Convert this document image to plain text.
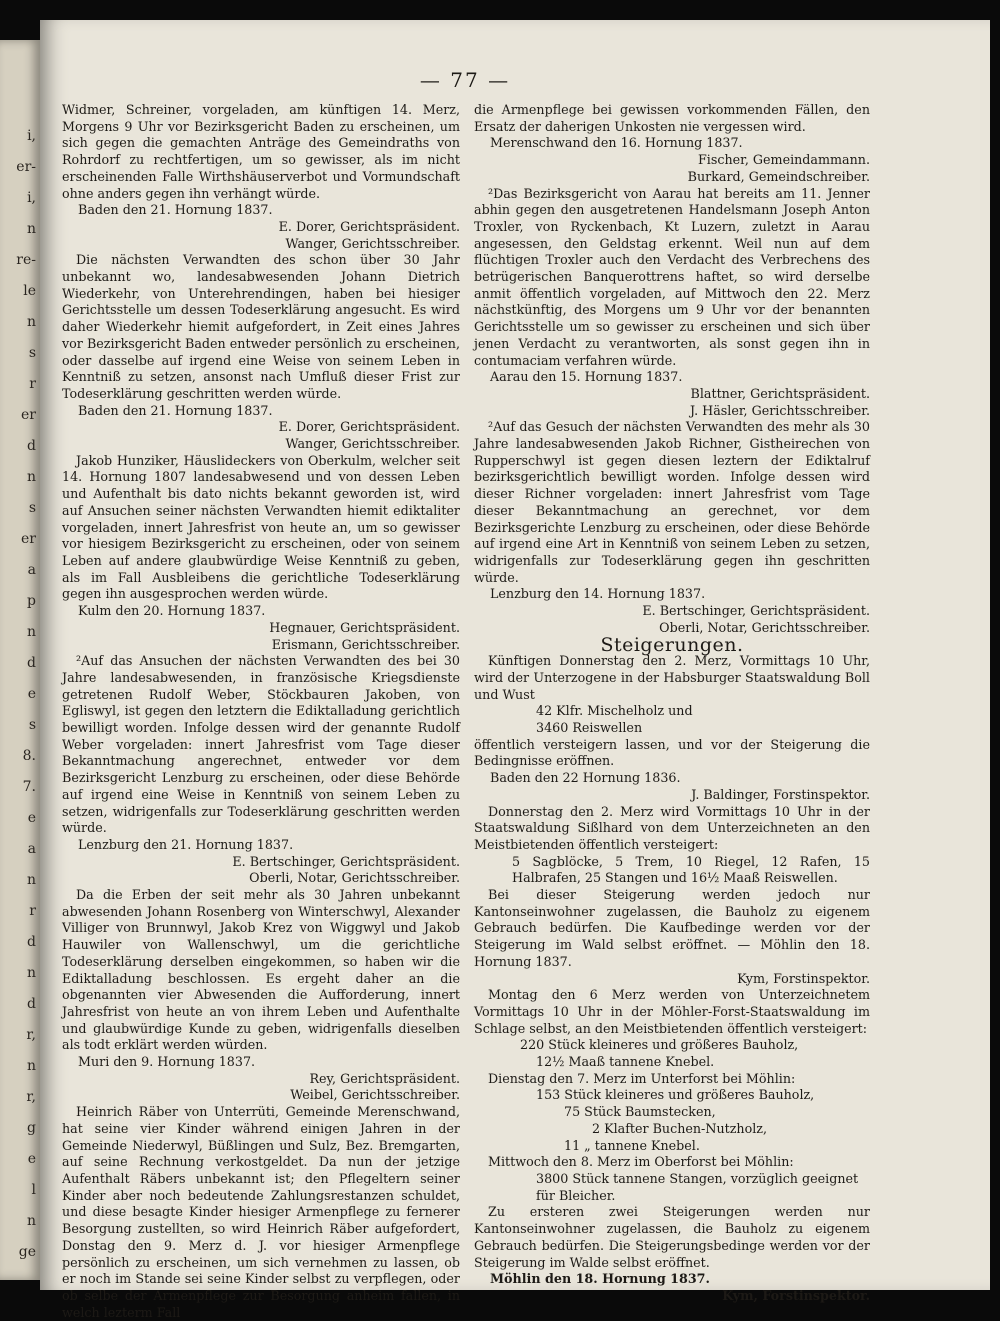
i,
er-
i,
n
re-
le
n
s
r
er
d
n
s
er
a
p
n
d
e
s
8.
7.
e
a
n
r
d
n
d
r,
n
r,
g
e
l
n
ge
— 77 —

Widmer, Schreiner, vorgeladen, am künftigen 14. Merz, Morgens 9 Uhr vor Bezirksgericht Baden zu erscheinen, um sich gegen die gemachten Anträge des Gemeindraths von Rohrdorf zu rechtfertigen, um so gewisser, als im nicht erscheinenden Falle Wirthshäuserverbot und Vormundschaft ohne anders gegen ihn verhängt würde.

Baden den 21. Hornung 1837.

E. Dorer, Gerichtspräsident.

Wanger, Gerichtsschreiber.

Die nächsten Verwandten des schon über 30 Jahr unbekannt wo, landesabwesenden Johann Dietrich Wiederkehr, von Unterehrendingen, haben bei hiesiger Gerichtsstelle um dessen Todeserklärung angesucht. Es wird daher Wiederkehr hiemit aufgefordert, in Zeit eines Jahres vor Bezirksgericht Baden entweder persönlich zu erscheinen, oder dasselbe auf irgend eine Weise von seinem Leben in Kenntniß zu setzen, ansonst nach Umfluß dieser Frist zur Todeserklärung geschritten werden würde.

Baden den 21. Hornung 1837.

E. Dorer, Gerichtspräsident.

Wanger, Gerichtsschreiber.

Jakob Hunziker, Häuslideckers von Oberkulm, welcher seit 14. Hornung 1807 landesabwesend und von dessen Leben und Aufenthalt bis dato nichts bekannt geworden ist, wird auf Ansuchen seiner nächsten Verwandten hiemit ediktaliter vorgeladen, innert Jahresfrist von heute an, um so gewisser vor hiesigem Bezirksgericht zu erscheinen, oder von seinem Leben auf andere glaubwürdige Weise Kenntniß zu geben, als im Fall Ausbleibens die gerichtliche Todeserklärung gegen ihn ausgesprochen werden würde.

Kulm den 20. Hornung 1837.

Hegnauer, Gerichtspräsident.

Erismann, Gerichtsschreiber.

²Auf das Ansuchen der nächsten Verwandten des bei 30 Jahre landesabwesenden, in französische Kriegsdienste getretenen Rudolf Weber, Stöckbauren Jakoben, von Egliswyl, ist gegen den letztern die Ediktalladung gerichtlich bewilligt worden. Infolge dessen wird der genannte Rudolf Weber vorgeladen: innert Jahresfrist vom Tage dieser Bekanntmachung angerechnet, entweder vor dem Bezirksgericht Lenzburg zu erscheinen, oder diese Behörde auf irgend eine Weise in Kenntniß von seinem Leben zu setzen, widrigenfalls zur Todeserklärung geschritten werden würde.

Lenzburg den 21. Hornung 1837.

E. Bertschinger, Gerichtspräsident.

Oberli, Notar, Gerichtsschreiber.

Da die Erben der seit mehr als 30 Jahren unbekannt abwesenden Johann Rosenberg von Winterschwyl, Alexander Villiger von Brunnwyl, Jakob Krez von Wiggwyl und Jakob Hauwiler von Wallenschwyl, um die gerichtliche Todeserklärung derselben eingekommen, so haben wir die Ediktalladung beschlossen. Es ergeht daher an die obgenannten vier Abwesenden die Aufforderung, innert Jahresfrist von heute an von ihrem Leben und Aufenthalte und glaubwürdige Kunde zu geben, widrigenfalls dieselben als todt erklärt werden würden.

Muri den 9. Hornung 1837.

Rey, Gerichtspräsident.

Weibel, Gerichtsschreiber.

Heinrich Räber von Unterrüti, Gemeinde Merenschwand, hat seine vier Kinder während einigen Jahren in der Gemeinde Niederwyl, Büßlingen und Sulz, Bez. Bremgarten, auf seine Rechnung verkostgeldet. Da nun der jetzige Aufenthalt Räbers unbekannt ist; den Pflegeltern seiner Kinder aber noch bedeutende Zahlungsrestanzen schuldet, und diese besagte Kinder hiesiger Armenpflege zu fernerer Besorgung zustellten, so wird Heinrich Räber aufgefordert, Donstag den 9. Merz d. J. vor hiesiger Armenpflege persönlich zu erscheinen, um sich vernehmen zu lassen, ob er noch im Stande sei seine Kinder selbst zu verpflegen, oder ob selbe der Armenpflege zur Besorgung anheim fallen, in welch lezterm Fall

die Armenpflege bei gewissen vorkommenden Fällen, den Ersatz der daherigen Unkosten nie vergessen wird.

Merenschwand den 16. Hornung 1837.

Fischer, Gemeindammann.

Burkard, Gemeindschreiber.

²Das Bezirksgericht von Aarau hat bereits am 11. Jenner abhin gegen den ausgetretenen Handelsmann Joseph Anton Troxler, von Ryckenbach, Kt Luzern, zuletzt in Aarau angesessen, den Geldstag erkennt. Weil nun auf dem flüchtigen Troxler auch den Verdacht des Verbrechens des betrügerischen Banquerottrens haftet, so wird derselbe anmit öffentlich vorgeladen, auf Mittwoch den 22. Merz nächstkünftig, des Morgens um 9 Uhr vor der benannten Gerichtsstelle um so gewisser zu erscheinen und sich über jenen Verdacht zu verantworten, als sonst gegen ihn in contumaciam verfahren würde.

Aarau den 15. Hornung 1837.

Blattner, Gerichtspräsident.

J. Häsler, Gerichtsschreiber.

²Auf das Gesuch der nächsten Verwandten des mehr als 30 Jahre landesabwesenden Jakob Richner, Gistheirechen von Rupperschwyl ist gegen diesen leztern der Ediktalruf bezirksgerichtlich bewilligt worden. Infolge dessen wird dieser Richner vorgeladen: innert Jahresfrist vom Tage dieser Bekanntmachung an gerechnet, vor dem Bezirksgerichte Lenzburg zu erscheinen, oder diese Behörde auf irgend eine Art in Kenntniß von seinem Leben zu setzen, widrigenfalls zur Todeserklärung gegen ihn geschritten würde.

Lenzburg den 14. Hornung 1837.

E. Bertschinger, Gerichtspräsident.

Oberli, Notar, Gerichtsschreiber.

Steigerungen.

Künftigen Donnerstag den 2. Merz, Vormittags 10 Uhr, wird der Unterzogene in der Habsburger Staatswaldung Boll und Wust

42 Klfr. Mischelholz und

3460 Reiswellen

öffentlich versteigern lassen, und vor der Steigerung die Bedingnisse eröffnen.

Baden den 22 Hornung 1836.

J. Baldinger, Forstinspektor.

Donnerstag den 2. Merz wird Vormittags 10 Uhr in der Staatswaldung Sißlhard von dem Unterzeichneten an den Meistbietenden öffentlich versteigert:

5 Sagblöcke, 5 Trem, 10 Riegel, 12 Rafen, 15 Halbrafen, 25 Stangen und 16½ Maaß Reiswellen.

Bei dieser Steigerung werden jedoch nur Kantonseinwohner zugelassen, die Bauholz zu eigenem Gebrauch bedürfen. Die Kaufbedinge werden vor der Steigerung im Wald selbst eröffnet. — Möhlin den 18. Hornung 1837.

Kym, Forstinspektor.

Montag den 6 Merz werden von Unterzeichnetem Vormittags 10 Uhr in der Möhler-Forst-Staatswaldung im Schlage selbst, an den Meistbietenden öffentlich versteigert:

220 Stück kleineres und größeres Bauholz,

12½ Maaß tannene Knebel.

Dienstag den 7. Merz im Unterforst bei Möhlin:

153 Stück kleineres und größeres Bauholz,

75 Stück Baumstecken,

2 Klafter Buchen-Nutzholz,

11 „ tannene Knebel.

Mittwoch den 8. Merz im Oberforst bei Möhlin:

3800 Stück tannene Stangen, vorzüglich geeignet für Bleicher.

Zu ersteren zwei Steigerungen werden nur Kantonseinwohner zugelassen, die Bauholz zu eigenem Gebrauch bedürfen. Die Steigerungsbedinge werden vor der Steigerung im Walde selbst eröffnet.

Möhlin den 18. Hornung 1837.

Kym, Forstinspektor.
